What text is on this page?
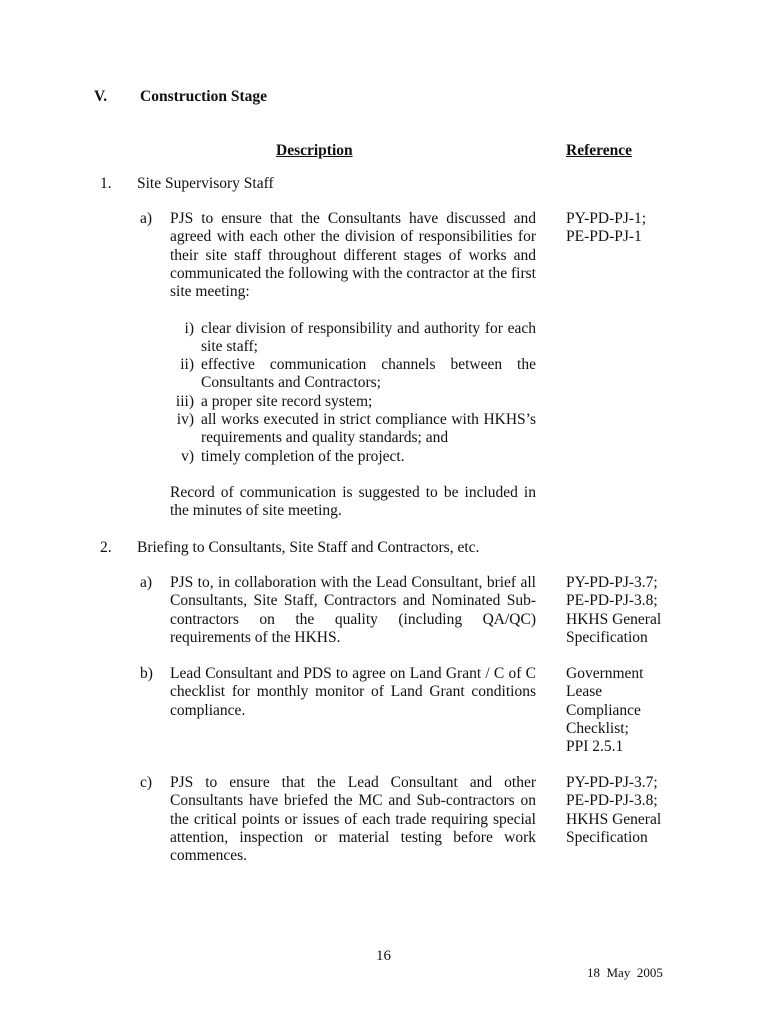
V. Construction Stage
Description	Reference
1. Site Supervisory Staff
a) PJS to ensure that the Consultants have discussed and agreed with each other the division of responsibilities for their site staff throughout different stages of works and communicated the following with the contractor at the first site meeting:
PY-PD-PJ-1;
PE-PD-PJ-1
i) clear division of responsibility and authority for each site staff;
ii) effective communication channels between the Consultants and Contractors;
iii) a proper site record system;
iv) all works executed in strict compliance with HKHS’s requirements and quality standards; and
v) timely completion of the project.
Record of communication is suggested to be included in the minutes of site meeting.
2. Briefing to Consultants, Site Staff and Contractors, etc.
a) PJS to, in collaboration with the Lead Consultant, brief all Consultants, Site Staff, Contractors and Nominated Sub-contractors on the quality (including QA/QC) requirements of the HKHS.
PY-PD-PJ-3.7;
PE-PD-PJ-3.8;
HKHS General
Specification
b) Lead Consultant and PDS to agree on Land Grant / C of C checklist for monthly monitor of Land Grant conditions compliance.
Government
Lease
Compliance
Checklist;
PPI 2.5.1
c) PJS to ensure that the Lead Consultant and other Consultants have briefed the MC and Sub-contractors on the critical points or issues of each trade requiring special attention, inspection or material testing before work commences.
PY-PD-PJ-3.7;
PE-PD-PJ-3.8;
HKHS General
Specification
16
18  May  2005
